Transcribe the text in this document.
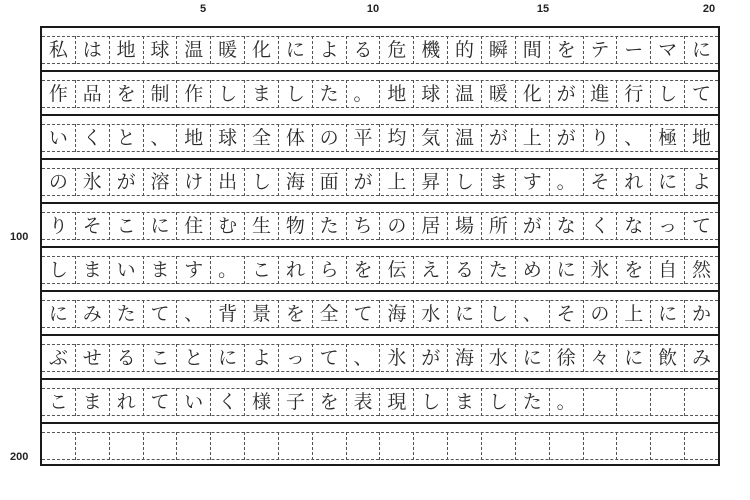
5	10	15	20
100
200
私 は 地 球 温 暖 化 に よ る 危 機 的 瞬 間 を テ ー マ に
作 品 を 制 作 し ま し た 。 地 球 温 暖 化 が 進 行 し て
い く と 、 地 球 全 体 の 平 均 気 温 が 上 が り 、 極 地
の 氷 が 溶 け 出 し 海 面 が 上 昇 し ま す 。 そ れ に よ
り そ こ に 住 む 生 物 た ち の 居 場 所 が な く な っ て
し ま い ま す 。 こ れ ら を 伝 え る た め に 氷 を 自 然
に み た て 、 背 景 を 全 て 海 水 に し 、 そ の 上 に か
ぶ せ る こ と に よ っ て 、 氷 が 海 水 に 徐 々 に 飲 み
こ ま れ て い く 様 子 を 表 現 し ま し た 。
